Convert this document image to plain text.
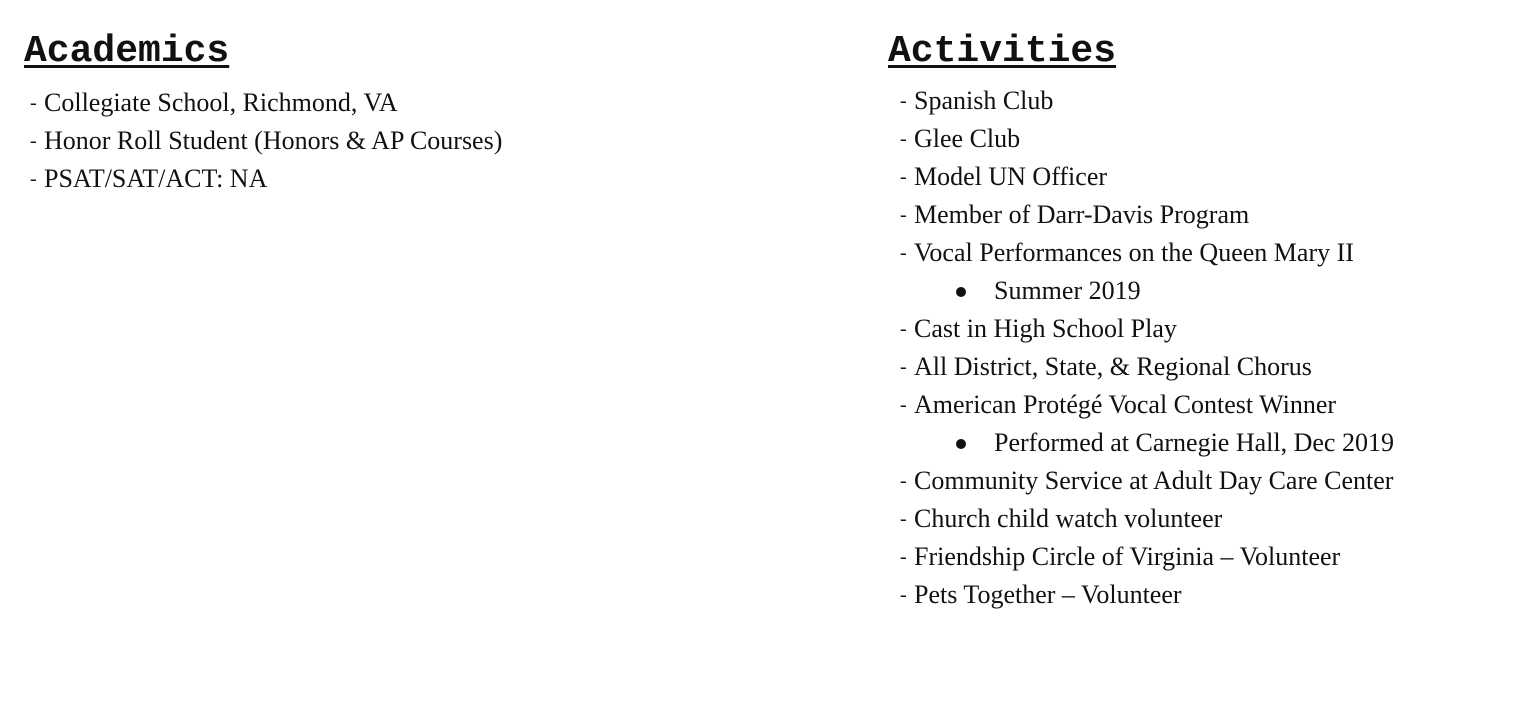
Academics
- Collegiate School, Richmond, VA
- Honor Roll Student (Honors & AP Courses)
- PSAT/SAT/ACT: NA
Activities
- Spanish Club
- Glee Club
- Model UN Officer
- Member of Darr-Davis Program
- Vocal Performances on the Queen Mary II
Summer 2019
- Cast in High School Play
- All District, State, & Regional Chorus
- American Protégé Vocal Contest Winner
Performed at Carnegie Hall, Dec 2019
- Community Service at Adult Day Care Center
- Church child watch volunteer
- Friendship Circle of Virginia – Volunteer
- Pets Together – Volunteer
